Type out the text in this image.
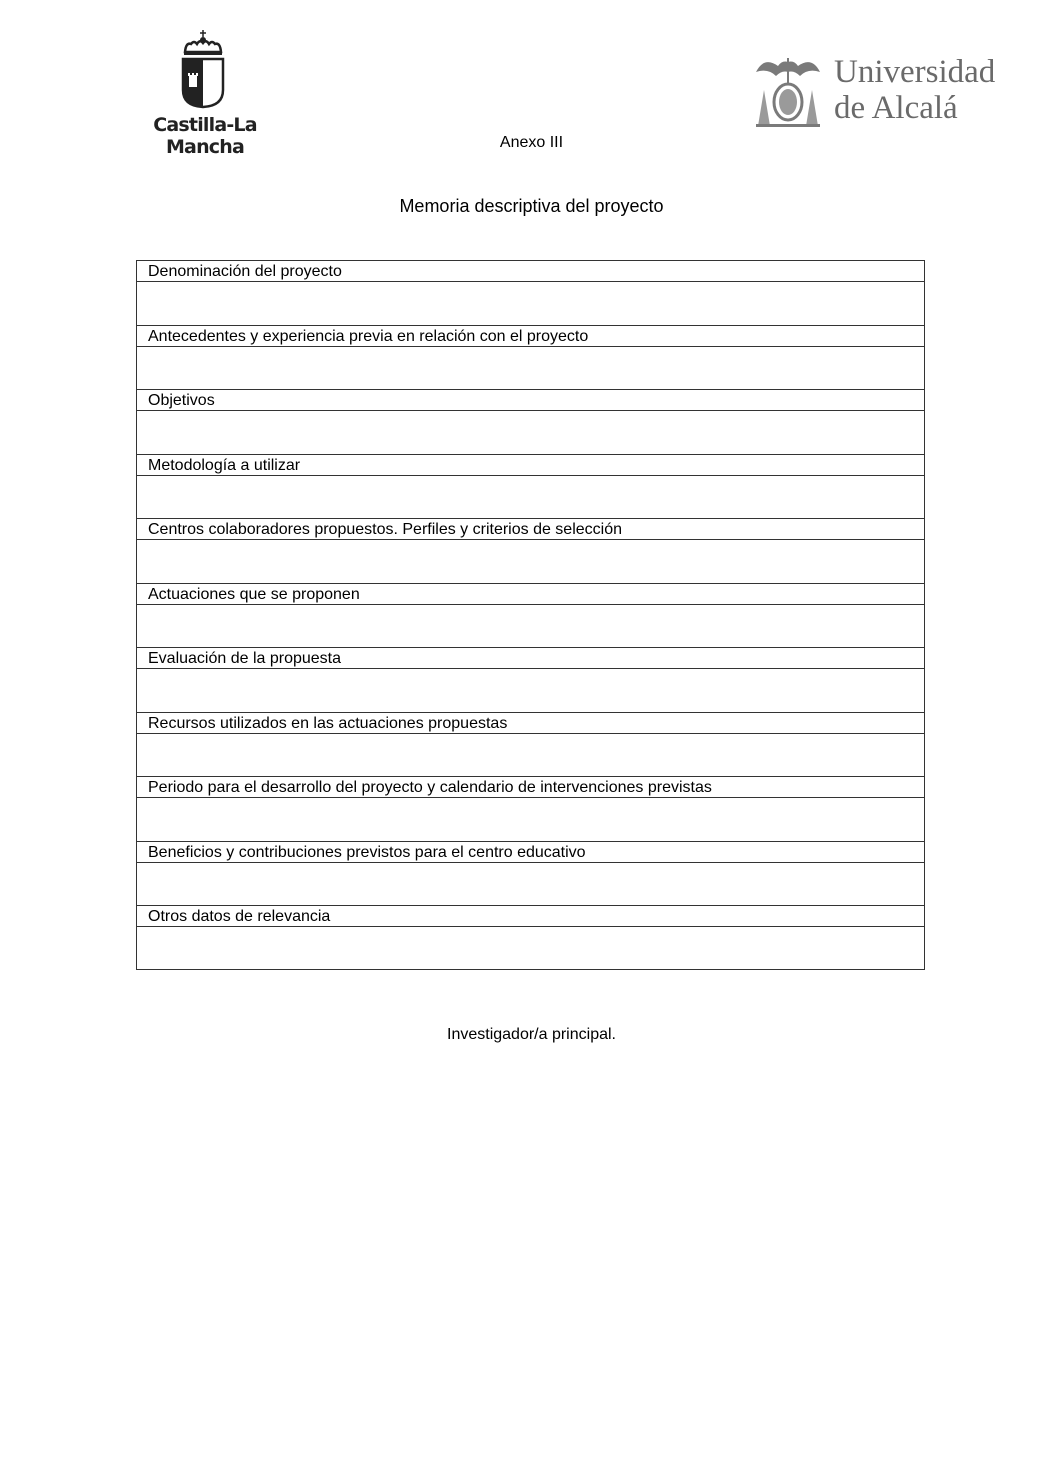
Castilla-La Mancha
Universidad
de Alcalá
Anexo III
Memoria descriptiva del proyecto
Denominación del proyecto
Antecedentes y experiencia previa en relación con el proyecto
Objetivos
Metodología a utilizar
Centros colaboradores propuestos. Perfiles y criterios de selección
Actuaciones que se proponen
Evaluación de la propuesta
Recursos utilizados en las actuaciones propuestas
Periodo para el desarrollo del proyecto y calendario de intervenciones previstas
Beneficios y contribuciones previstos para el centro educativo
Otros datos de relevancia
Investigador/a principal.
